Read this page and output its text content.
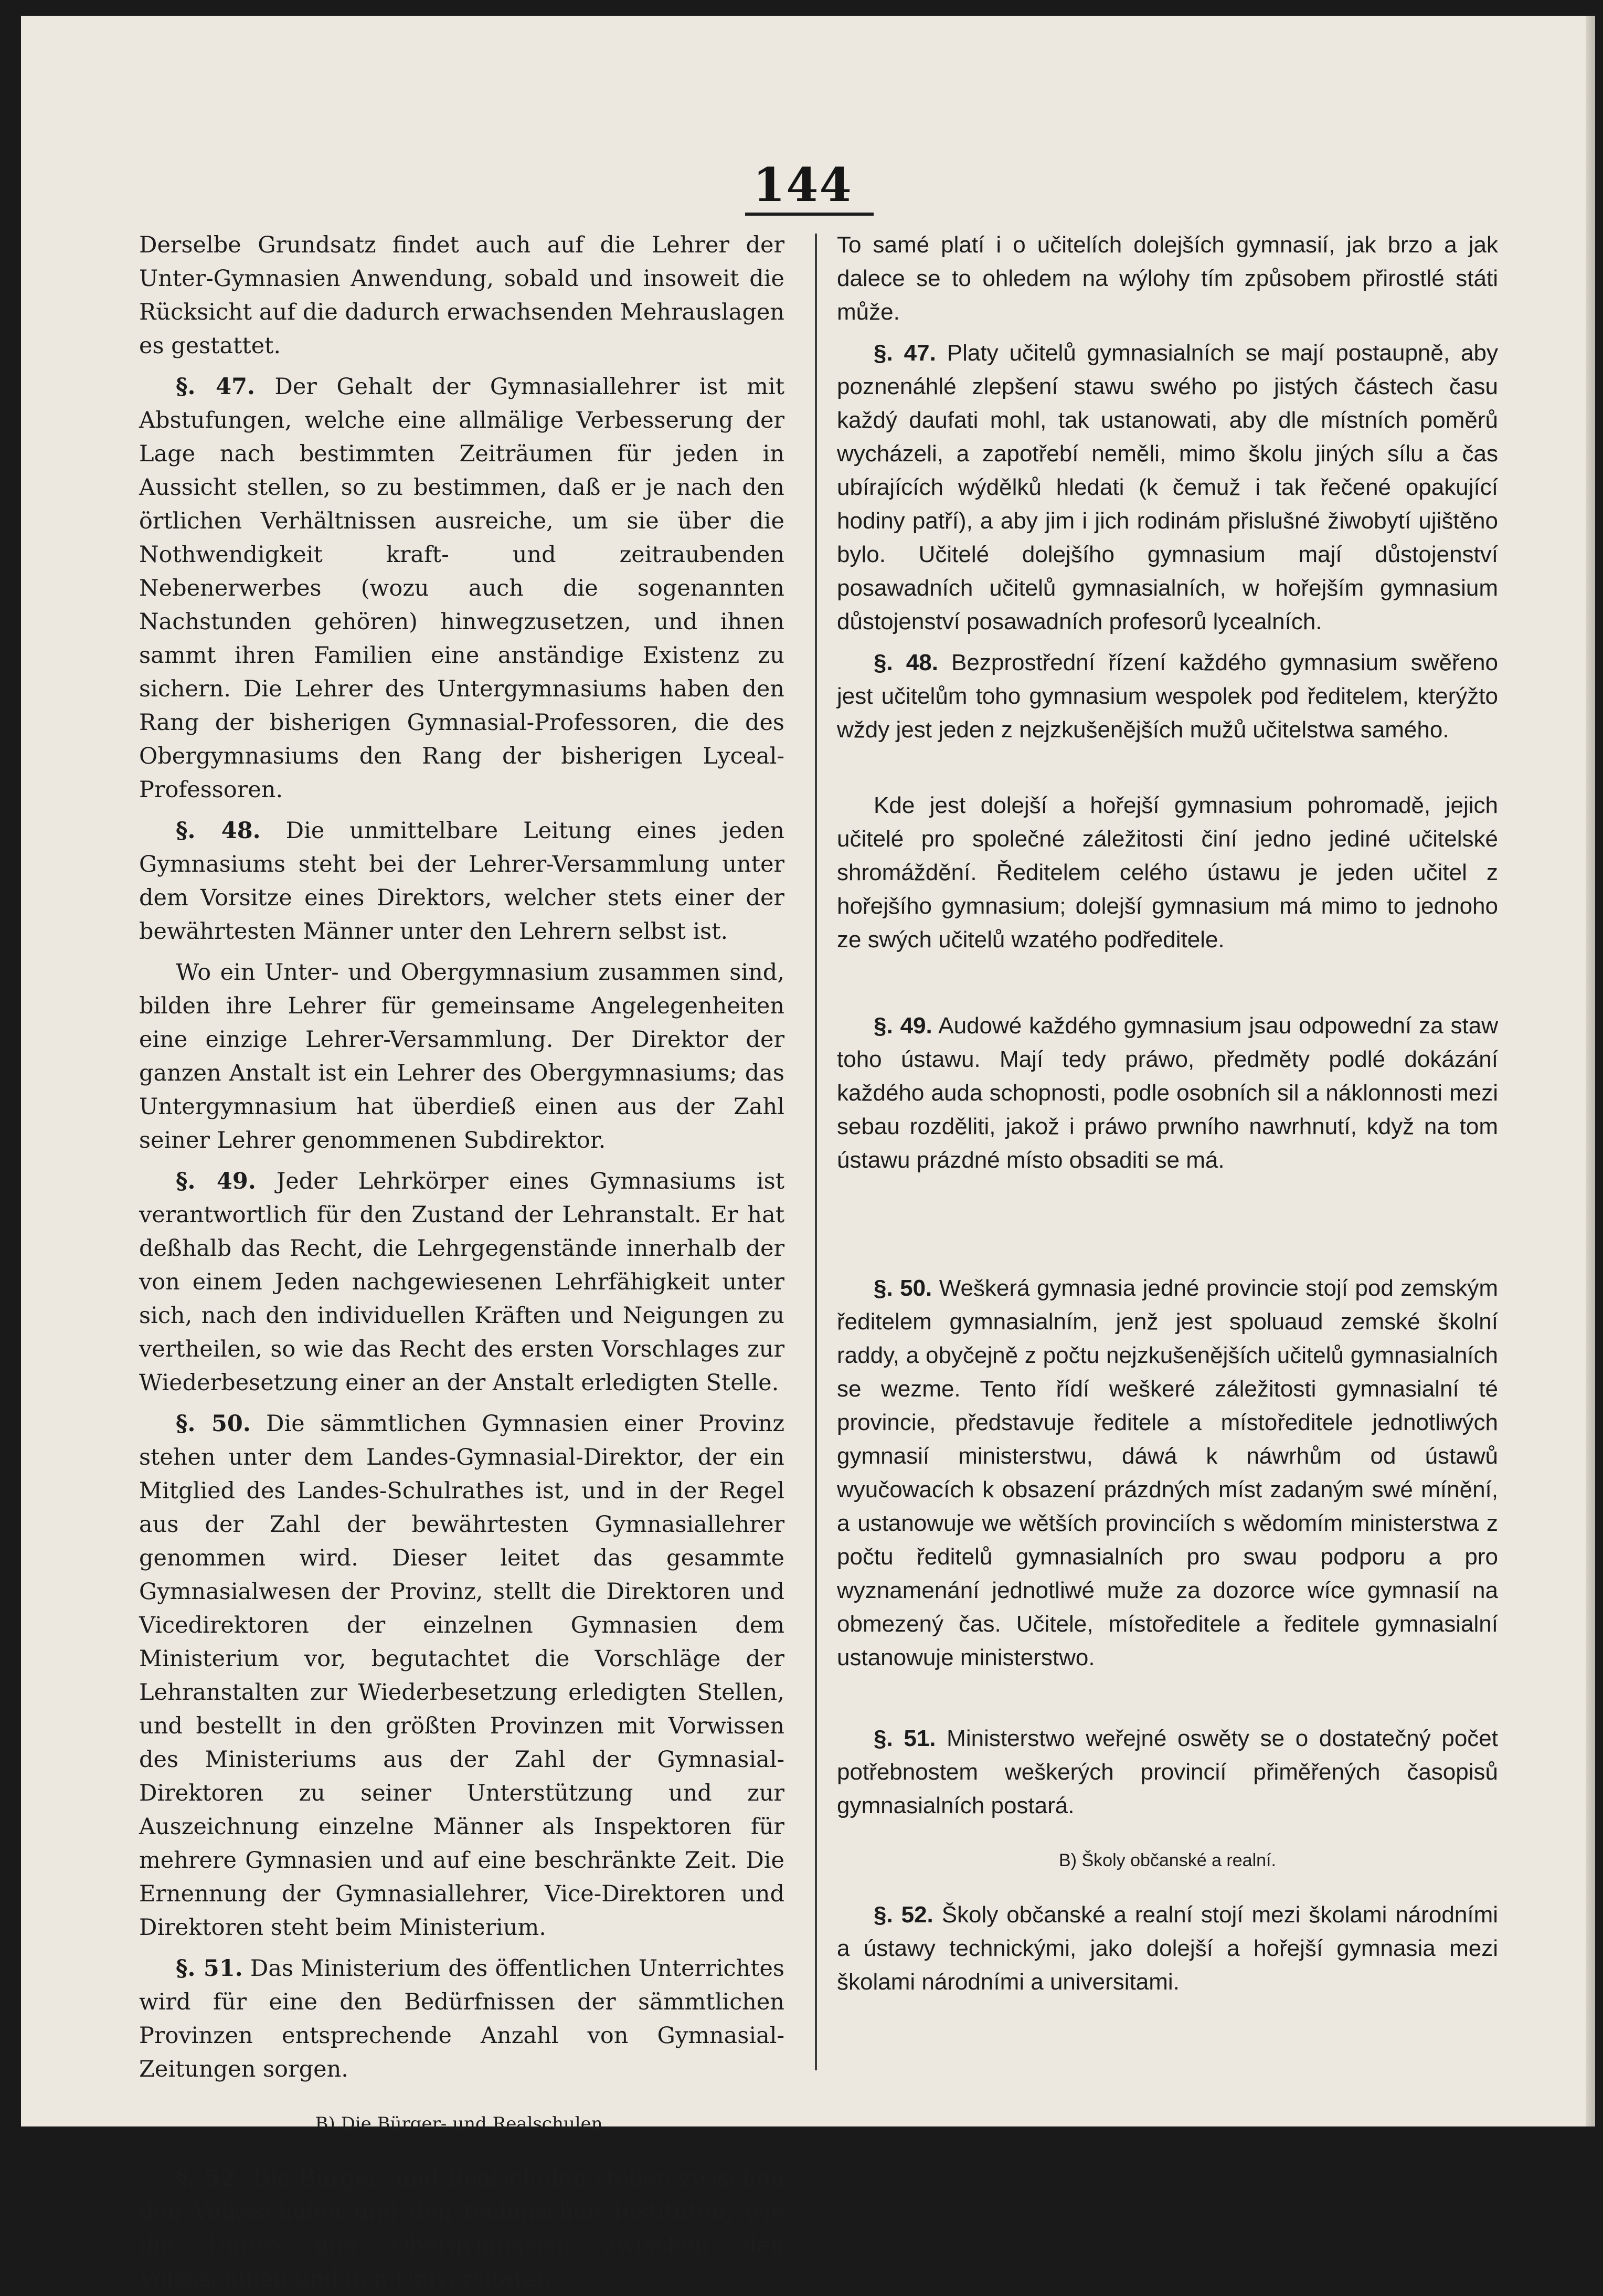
144

Derselbe Grundsatz findet auch auf die Lehrer der Unter-Gymnasien Anwendung, sobald und insoweit die Rücksicht auf die dadurch erwachsenden Mehrauslagen es gestattet.

§. 47. Der Gehalt der Gymnasiallehrer ist mit Abstufungen, welche eine allmälige Verbesserung der Lage nach bestimmten Zeiträumen für jeden in Aussicht stellen, so zu bestimmen, daß er je nach den örtlichen Verhältnissen ausreiche, um sie über die Nothwendigkeit kraft- und zeitraubenden Nebenerwerbes (wozu auch die sogenannten Nachstunden gehören) hinwegzusetzen, und ihnen sammt ihren Familien eine anständige Existenz zu sichern. Die Lehrer des Untergymnasiums haben den Rang der bisherigen Gymnasial-Professoren, die des Obergymnasiums den Rang der bisherigen Lyceal-Professoren.

§. 48. Die unmittelbare Leitung eines jeden Gymnasiums steht bei der Lehrer-Versammlung unter dem Vorsitze eines Direktors, welcher stets einer der bewährtesten Männer unter den Lehrern selbst ist.

Wo ein Unter- und Obergymnasium zusammen sind, bilden ihre Lehrer für gemeinsame Angelegenheiten eine einzige Lehrer-Versammlung. Der Direktor der ganzen Anstalt ist ein Lehrer des Obergymnasiums; das Untergymnasium hat überdieß einen aus der Zahl seiner Lehrer genommenen Subdirektor.

§. 49. Jeder Lehrkörper eines Gymnasiums ist verantwortlich für den Zustand der Lehranstalt. Er hat deßhalb das Recht, die Lehrgegenstände innerhalb der von einem Jeden nachgewiesenen Lehrfähigkeit unter sich, nach den individuellen Kräften und Neigungen zu vertheilen, so wie das Recht des ersten Vorschlages zur Wiederbesetzung einer an der Anstalt erledigten Stelle.

§. 50. Die sämmtlichen Gymnasien einer Provinz stehen unter dem Landes-Gymnasial-Direktor, der ein Mitglied des Landes-Schulrathes ist, und in der Regel aus der Zahl der bewährtesten Gymnasiallehrer genommen wird. Dieser leitet das gesammte Gymnasialwesen der Provinz, stellt die Direktoren und Vicedirektoren der einzelnen Gymnasien dem Ministerium vor, begutachtet die Vorschläge der Lehranstalten zur Wiederbesetzung erledigten Stellen, und bestellt in den größten Provinzen mit Vorwissen des Ministeriums aus der Zahl der Gymnasial-Direktoren zu seiner Unterstützung und zur Auszeichnung einzelne Männer als Inspektoren für mehrere Gymnasien und auf eine beschränkte Zeit. Die Ernennung der Gymnasiallehrer, Vice-Direktoren und Direktoren steht beim Ministerium.

§. 51. Das Ministerium des öffentlichen Unterrichtes wird für eine den Bedürfnissen der sämmtlichen Provinzen entsprechende Anzahl von Gymnasial-Zeitungen sorgen.

B) Die Bürger- und Realschulen.

§. 52. Die Bürger- und Realschulen stehen zwischen den Volksschulen und den technischen Instituten, wie die Unter- und Obergymnasien zwischen den Volksschulen und den Universitäten.

To samé platí i o učitelích dolejších gymnasií, jak brzo a jak dalece se to ohledem na wýlohy tím způsobem přirostlé státi může.

§. 47. Platy učitelů gymnasialních se mají postaupně, aby poznenáhlé zlepšení stawu swého po jistých částech času každý daufati mohl, tak ustanowati, aby dle místních poměrů wycházeli, a zapotřebí neměli, mimo školu jiných sílu a čas ubírajících wýdělků hledati (k čemuž i tak řečené opakující hodiny patří), a aby jim i jich rodinám přislušné žiwobytí ujištěno bylo. Učitelé dolejšího gymnasium mají důstojenství posawadních učitelů gymnasialních, w hořejším gymnasium důstojenství posawadních profesorů lycealních.

§. 48. Bezprostřední řízení každého gymnasium swěřeno jest učitelům toho gymnasium wespolek pod ředitelem, kterýžto wždy jest jeden z nejzkušenějších mužů učitelstwa samého.

Kde jest dolejší a hořejší gymnasium pohromadě, jejich učitelé pro společné záležitosti činí jedno jediné učitelské shromáždění. Ředitelem celého ústawu je jeden učitel z hořejšího gymnasium; dolejší gymnasium má mimo to jednoho ze swých učitelů wzatého podředitele.

§. 49. Audowé každého gymnasium jsau odpowední za staw toho ústawu. Mají tedy práwo, předměty podlé dokázání každého auda schopnosti, podle osobních sil a náklonnosti mezi sebau rozděliti, jakož i práwo prwního nawrhnutí, když na tom ústawu prázdné místo obsaditi se má.

§. 50. Weškerá gymnasia jedné provincie stojí pod zemským ředitelem gymnasialním, jenž jest spoluaud zemské školní raddy, a obyčejně z počtu nejzkušenějších učitelů gymnasialních se wezme. Tento řídí weškeré záležitosti gymnasialní té provincie, představuje ředitele a místoředitele jednotliwých gymnasií ministerstwu, dáwá k náwrhům od ústawů wyučowacích k obsazení prázdných míst zadaným swé mínění, a ustanowuje we wětších provinciích s wědomím ministerstwa z počtu ředitelů gymnasialních pro swau podporu a pro wyznamenání jednotliwé muže za dozorce wíce gymnasií na obmezený čas. Učitele, místoředitele a ředitele gymnasialní ustanowuje ministerstwo.

§. 51. Ministerstwo weřejné oswěty se o dostatečný počet potřebnostem weškerých provincií přiměřených časopisů gymnasialních postará.

B) Školy občanské a realní.

§. 52. Školy občanské a realní stojí mezi školami národními a ústawy technickými, jako dolejší a hořejší gymnasia mezi školami národními a universitami.
